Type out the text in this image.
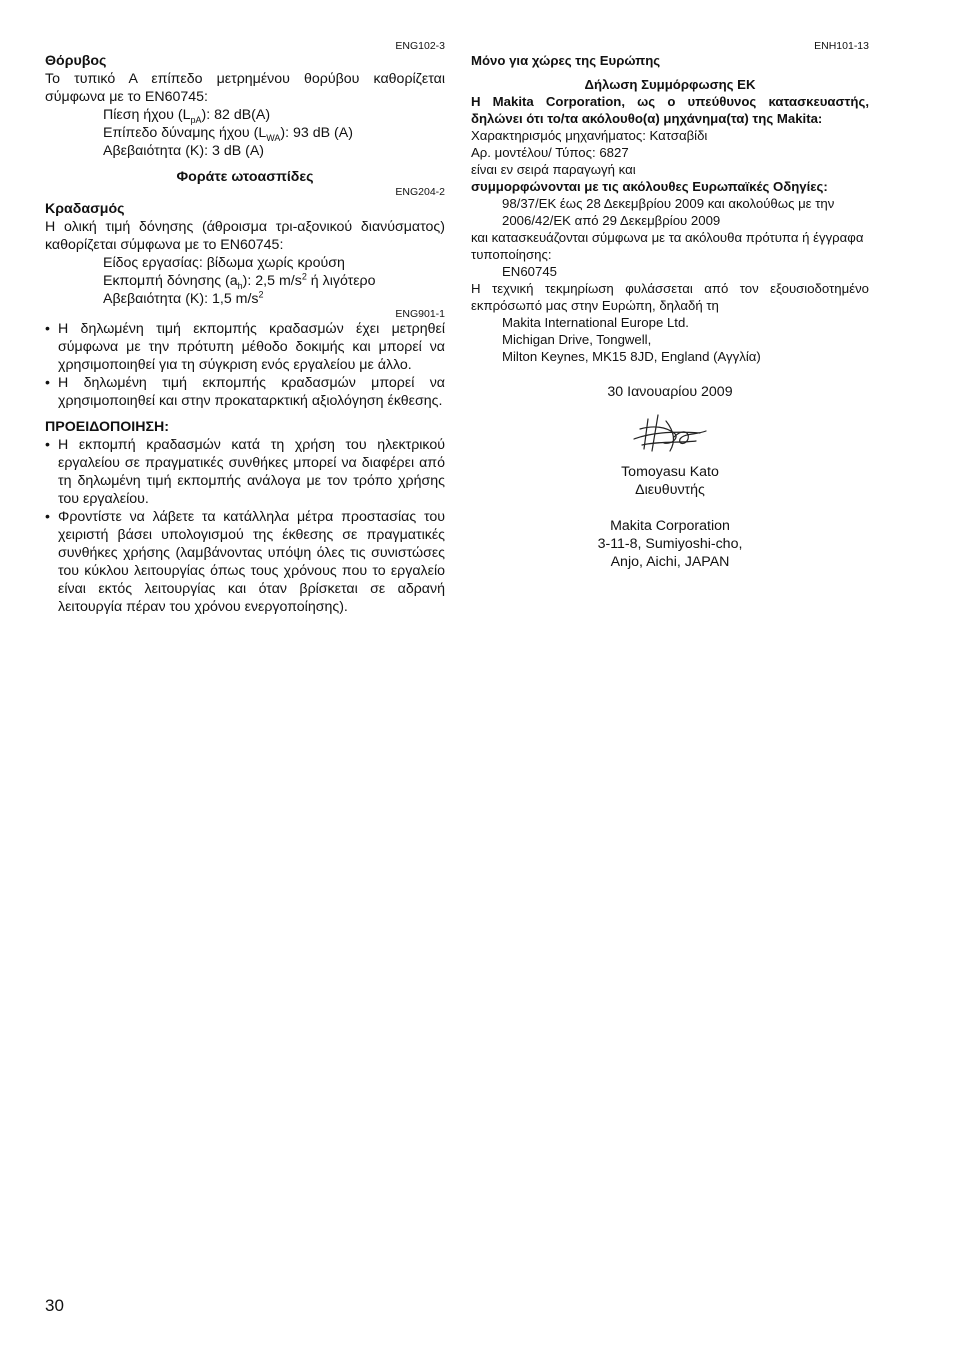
ENG102-3
Θόρυβος
Το τυπικό Α επίπεδο μετρημένου θορύβου καθορίζεται σύμφωνα με το EN60745:
Πίεση ήχου $(L_{pA})$: 82 dB(A)
Επίπεδο δύναμης ήχου $(L_{WA})$: 93 dB (A)
Αβεβαιότητα (K): 3 dB (A)
Φοράτε ωτοασπίδες
ENG204-2
Κραδασμός
Η ολική τιμή δόνησης (άθροισμα τρι-αξονικού διανύσματος) καθορίζεται σύμφωνα με το EN60745:
Είδος εργασίας: βίδωμα χωρίς κρούση
Εκπομπή δόνησης $(a_h)$: 2,5 $m/s^2$ ή λιγότερο
Αβεβαιότητα (K): 1,5 $m/s^2$
ENG901-1
• Η δηλωμένη τιμή εκπομπής κραδασμών έχει μετρηθεί σύμφωνα με την πρότυπη μέθοδο δοκιμής και μπορεί να χρησιμοποιηθεί για τη σύγκριση ενός εργαλείου με άλλο.
• Η δηλωμένη τιμή εκπομπής κραδασμών μπορεί να χρησιμοποιηθεί και στην προκαταρκτική αξιολόγηση έκθεσης.
ΠΡΟΕΙΔΟΠΟΙΗΣΗ:
• Η εκπομπή κραδασμών κατά τη χρήση του ηλεκτρικού εργαλείου σε πραγματικές συνθήκες μπορεί να διαφέρει από τη δηλωμένη τιμή εκπομπής ανάλογα με τον τρόπο χρήσης του εργαλείου.
• Φροντίστε να λάβετε τα κατάλληλα μέτρα προστασίας του χειριστή βάσει υπολογισμού της έκθεσης σε πραγματικές συνθήκες χρήσης (λαμβάνοντας υπόψη όλες τις συνιστώσες του κύκλου λειτουργίας όπως τους χρόνους που το εργαλείο είναι εκτός λειτουργίας και όταν βρίσκεται σε αδρανή λειτουργία πέραν του χρόνου ενεργοποίησης).
ENH101-13
Μόνο για χώρες της Ευρώπης
Δήλωση Συμμόρφωσης ΕΚ
Η Makita Corporation, ως ο υπεύθυνος κατασκευαστής, δηλώνει ότι το/τα ακόλουθο(α) μηχάνημα(τα) της Makita:
Χαρακτηρισμός μηχανήματος: Κατσαβίδι
Αρ. μοντέλου/ Τύπος: 6827
είναι εν σειρά παραγωγή και
συμμορφώνονται με τις ακόλουθες Ευρωπαϊκές Οδηγίες:
98/37/ΕΚ έως 28 Δεκεμβρίου 2009 και ακολούθως με την 2006/42/ΕΚ από 29 Δεκεμβρίου 2009
και κατασκευάζονται σύμφωνα με τα ακόλουθα πρότυπα ή έγγραφα τυποποίησης:
EN60745
Η τεχνική τεκμηρίωση φυλάσσεται από τον εξουσιοδοτημένο εκπρόσωπό μας στην Ευρώπη, δηλαδή τη
Makita International Europe Ltd.
Michigan Drive, Tongwell,
Milton Keynes, MK15 8JD, England (Αγγλία)
30 Ιανουαρίου 2009
Tomoyasu Kato
Διευθυντής
Makita Corporation
3-11-8, Sumiyoshi-cho,
Anjo, Aichi, JAPAN
30
